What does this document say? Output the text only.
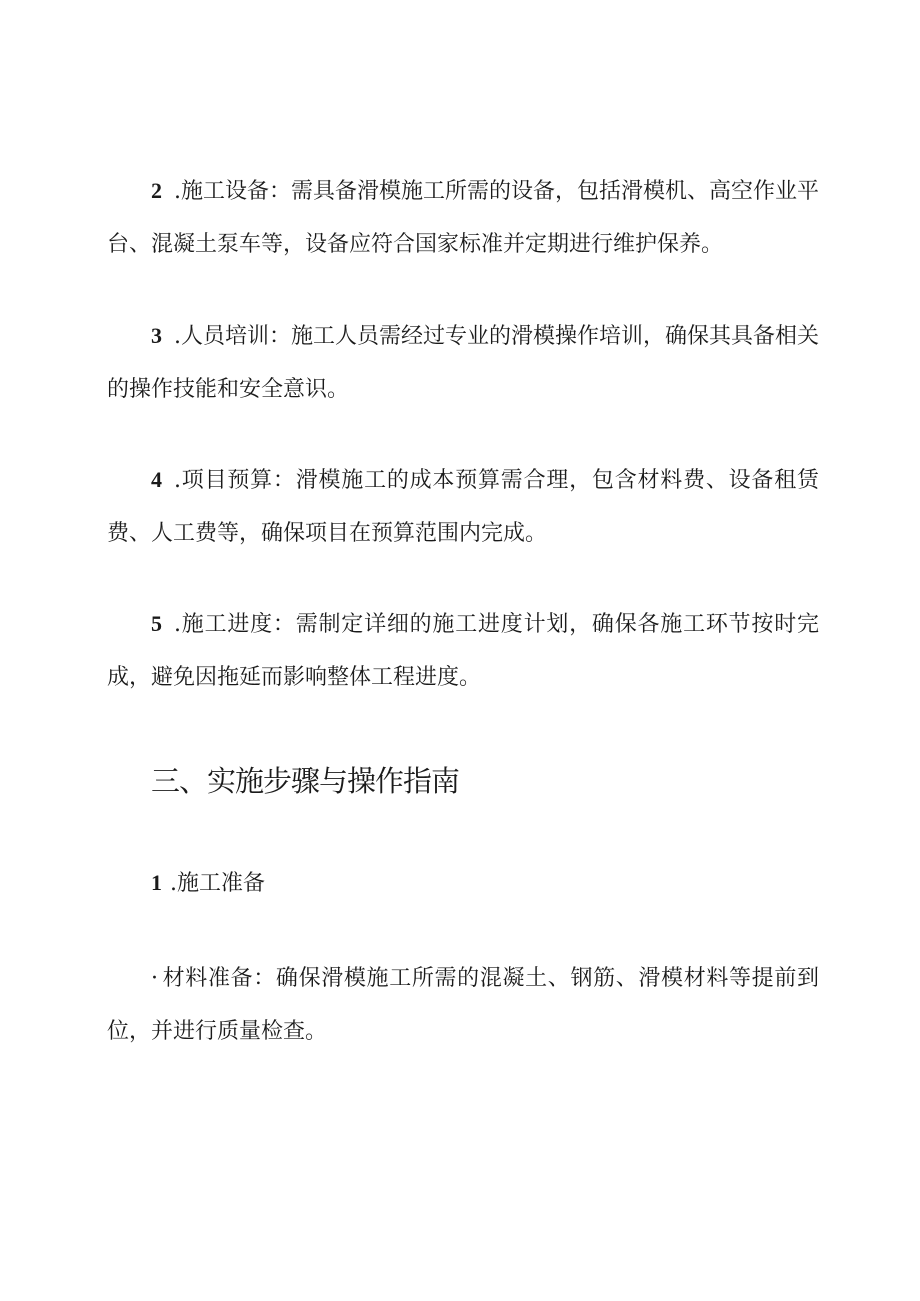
2 .施工设备：需具备滑模施工所需的设备，包括滑模机、高空作业平台、混凝土泵车等，设备应符合国家标准并定期进行维护保养。

3 .人员培训：施工人员需经过专业的滑模操作培训，确保其具备相关的操作技能和安全意识。

4 .项目预算：滑模施工的成本预算需合理，包含材料费、设备租赁费、人工费等，确保项目在预算范围内完成。

5 .施工进度：需制定详细的施工进度计划，确保各施工环节按时完成，避免因拖延而影响整体工程进度。

三、实施步骤与操作指南

1 .施工准备

· 材料准备：确保滑模施工所需的混凝土、钢筋、滑模材料等提前到位，并进行质量检查。
